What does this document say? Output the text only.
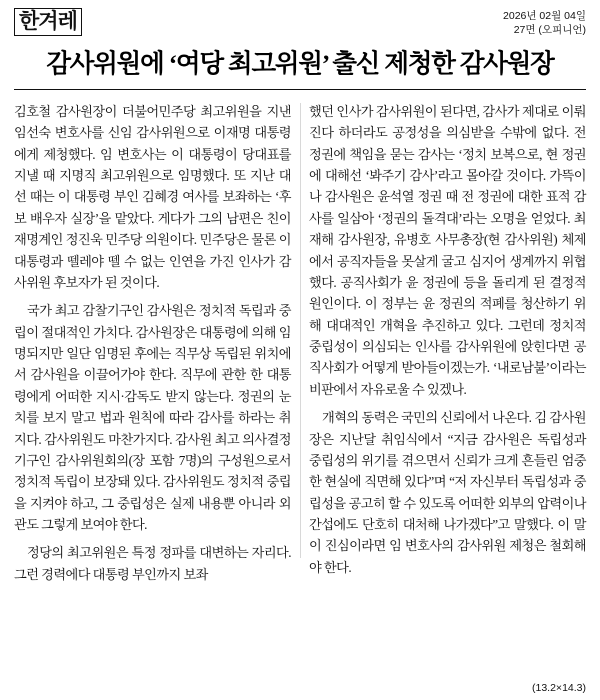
한겨레	2026년 02월 04일
27면 (오피니언)
감사위원에 ‘여당 최고위원’ 출신 제청한 감사원장

김호철 감사원장이 더불어민주당 최고위원을 지낸 임선숙 변호사를 신임 감사위원으로 이재명 대통령에게 제청했다. 임 변호사는 이 대통령이 당대표를 지낼 때 지명직 최고위원으로 임명했다. 또 지난 대선 때는 이 대통령 부인 김혜경 여사를 보좌하는 ‘후보 배우자 실장’을 맡았다. 게다가 그의 남편은 친이재명계인 정진욱 민주당 의원이다. 민주당은 물론 이 대통령과 뗄레야 뗄 수 없는 인연을 가진 인사가 감사위원 후보자가 된 것이다.

국가 최고 감찰기구인 감사원은 정치적 독립과 중립이 절대적인 가치다. 감사원장은 대통령에 의해 임명되지만 일단 임명된 후에는 직무상 독립된 위치에서 감사원을 이끌어가야 한다. 직무에 관한 한 대통령에게 어떠한 지시·감독도 받지 않는다. 정권의 눈치를 보지 말고 법과 원칙에 따라 감사를 하라는 취지다. 감사위원도 마찬가지다. 감사원 최고 의사결정기구인 감사위원회의(장 포함 7명)의 구성원으로서 정치적 독립이 보장돼 있다. 감사위원도 정치적 중립을 지켜야 하고, 그 중립성은 실제 내용뿐 아니라 외관도 그렇게 보여야 한다.

정당의 최고위원은 특정 정파를 대변하는 자리다. 그런 경력에다 대통령 부인까지 보좌

했던 인사가 감사위원이 된다면, 감사가 제대로 이뤄진다 하더라도 공정성을 의심받을 수밖에 없다. 전 정권에 책임을 묻는 감사는 ‘정치 보복으로, 현 정권에 대해선 ‘봐주기 감사’라고 몰아갈 것이다. 가뜩이나 감사원은 윤석열 정권 때 전 정권에 대한 표적 감사를 일삼아 ‘정권의 돌격대’라는 오명을 얻었다. 최재해 감사원장, 유병호 사무총장(현 감사위원) 체제에서 공직자들을 못살게 굴고 심지어 생계까지 위협했다. 공직사회가 윤 정권에 등을 돌리게 된 결정적 원인이다. 이 정부는 윤 정권의 적폐를 청산하기 위해 대대적인 개혁을 추진하고 있다. 그런데 정치적 중립성이 의심되는 인사를 감사위원에 앉힌다면 공직사회가 어떻게 받아들이겠는가. ‘내로남불’이라는 비판에서 자유로울 수 있겠나.

개혁의 동력은 국민의 신뢰에서 나온다. 김 감사원장은 지난달 취임식에서 “지금 감사원은 독립성과 중립성의 위기를 겪으면서 신뢰가 크게 흔들린 엄중한 현실에 직면해 있다”며 “저 자신부터 독립성과 중립성을 공고히 할 수 있도록 어떠한 외부의 압력이나 간섭에도 단호히 대처해 나가겠다”고 말했다. 이 말이 진심이라면 임 변호사의 감사위원 제청은 철회해야 한다.

(13.2×14.3)
